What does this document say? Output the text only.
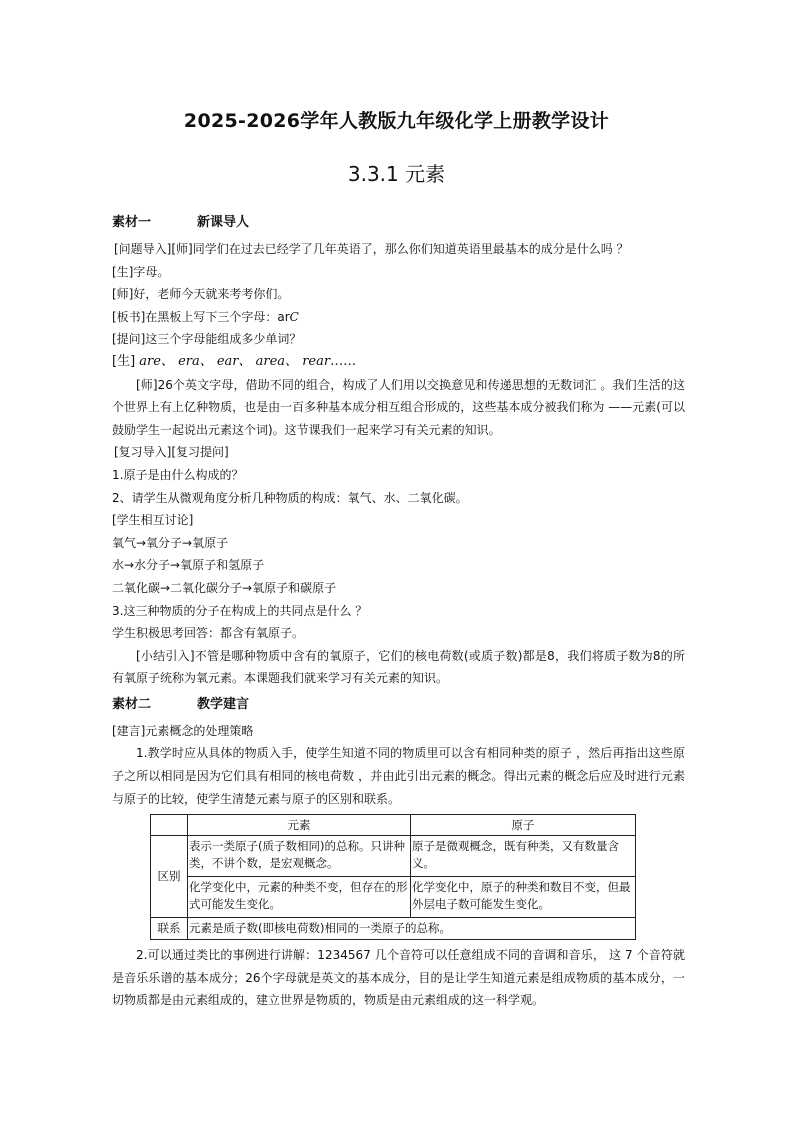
2025-2026学年人教版九年级化学上册教学设计
3.3.1 元素
素材一	新课导人
[问题导入][师]同学们在过去已经学了几年英语了，那么你们知道英语里最基本的成分是什么吗 ？
[生]字母。
[师]好，老师今天就来考考你们。
[板书]在黑板上写下三个字母：arC
[提问]这三个字母能组成多少单词？
[生] are、 era、 ear、 area、 rear……
[师]26个英文字母，借助不同的组合，构成了人们用以交换意见和传递思想的无数词汇 。我们生活的这个世界上有上亿种物质，也是由一百多种基本成分相互组合形成的，这些基本成分被我们称为 ——元素(可以鼓励学生一起说出元素这个词)。这节课我们一起来学习有关元素的知识。
[复习导入][复习提问]
1.原子是由什么构成的？
2、请学生从微观角度分析几种物质的构成：氧气、水、二氧化碳。
[学生相互讨论]
氧气→氧分子→氧原子
水→水分子→氧原子和氢原子
二氧化碳→二氧化碳分子→氧原子和碳原子
3.这三种物质的分子在构成上的共同点是什么 ？
学生积极思考回答：都含有氧原子。
[小结引入]不管是哪种物质中含有的氧原子，它们的核电荷数(或质子数)都是8，我们将质子数为8的所有氧原子统称为氧元素。本课题我们就来学习有关元素的知识。
素材二	教学建言
[建言]元素概念的处理策略
1.教学时应从具体的物质入手，使学生知道不同的物质里可以含有相同种类的原子 ，然后再指出这些原子之所以相同是因为它们具有相同的核电荷数 ，并由此引出元素的概念。得出元素的概念后应及时进行元素与原子的比较，使学生清楚元素与原子的区别和联系。
	元素	原子
区别	表示一类原子(质子数相同)的总称。只讲种类，不讲个数，是宏观概念。	原子是微观概念，既有种类，又有数量含义。
	化学变化中，元素的种类不变，但存在的形式可能发生变化。	化学变化中，原子的种类和数目不变，但最外层电子数可能发生变化。
联系	元素是质子数(即核电荷数)相同的一类原子的总称。	
2.可以通过类比的事例进行讲解：1234567 几个音符可以任意组成不同的音调和音乐， 这 7 个音符就是音乐乐谱的基本成分；26个字母就是英文的基本成分，目的是让学生知道元素是组成物质的基本成分，一切物质都是由元素组成的，建立世界是物质的，物质是由元素组成的这一科学观。
